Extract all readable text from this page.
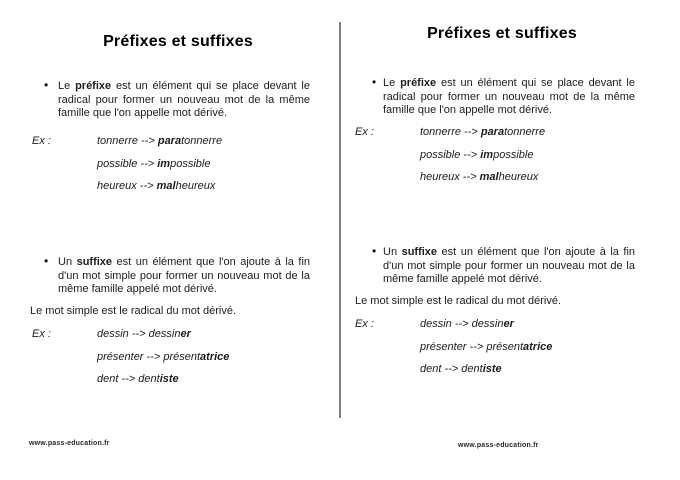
Préfixes et suffixes

• Le préfixe est un élément qui se place devant le radical pour former un nouveau mot de la même famille que l'on appelle mot dérivé.

Ex :	tonnerre --> paratonnerre

possible --> impossible

heureux --> malheureux

• Un suffixe est un élément que l'on ajoute à la fin d'un mot simple pour former un nouveau mot de la même famille appelé mot dérivé.

Le mot simple est le radical du mot dérivé.

Ex :	dessin --> dessiner

présenter --> présentatrice

dent --> dentiste

www.pass-education.fr
Préfixes et suffixes

• Le préfixe est un élément qui se place devant le radical pour former un nouveau mot de la même famille que l'on appelle mot dérivé.

Ex :	tonnerre --> paratonnerre

possible --> impossible

heureux --> malheureux

• Un suffixe est un élément que l'on ajoute à la fin d'un mot simple pour former un nouveau mot de la même famille appelé mot dérivé.

Le mot simple est le radical du mot dérivé.

Ex :	dessin --> dessiner

présenter --> présentatrice

dent --> dentiste

www.pass-education.fr
